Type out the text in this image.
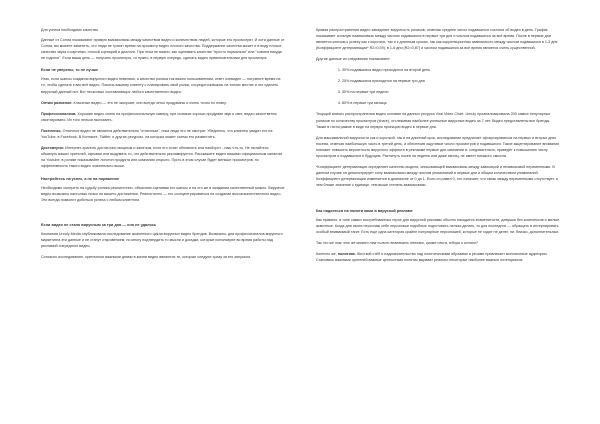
Для успеха необходимо качество

Данные от Comra показывают прямую взаимосвязь между качеством видео и количеством людей, которые его просмотрят. И хоти данные от Comra, вы можете заметить, что люди не тратят время на просмотр видео плохого качества. Поддержание качества может и в виду плохое качество звука и картинки, плохой сценарий и диалоги. При этом не важно, как оценивать качество "просто нормально" или "совсем никуда не годится". Если ваша цель — получить просмотры, то нужно, в первую очередь, сделать видео привлекательным для просмотра.

Если не уверены, то не лучше

Итак, если шансы создания вирусного видео невелики, а качество ролика так важно пользователям, ответ очевиден — потратьте время на то, чтобы сделать к вас всё видео. Помочь вашему клиенту с планировать свой ролик, сосредоточившись на тонких местах и это сделать вирусный данный пот. Вот несколько составляющих любого качественного видео:

Оптим размелие. Классные видео — это не экспромт, они всегда четко продуманы и очень точно по плану.

Профессионализм. Хорошие видео очень на профессиональную камеру, при съемках хорошо продуман звук и свет, видео качественно смонтировано. Их того нельзя экономить.

Поселенко. Отличное видео не является действительно "отличным", пока люди его не смотрят. Убедитесь, что клиенты увидят его на YouTube, в Facebook, В Контакте, Twitter, и других ресурсах, на которых может съемо его разместить.

Достоверно: Интернет-хранить достаточно мощным и занятым, если его хотят обновлять или наоборот - наш что-то. Не пытайтесь обмануть ваших зрителей, скрывая или выдумать то, что действительно рекламируется. Расскажите видео вашими официальным каналом на Youtube, в ролике показывайте логотип продукта или компании открыто. Пусть в этом случае будет меньше просмотров, но эффективность такого видео значительно выше.

Настройтесь на успех, а не на поражение

Необходимо смотреть на судьбу ролика реалистично, объясняю оценивая его шансы и на что же в ожидании качественный можно. Вирусное видео возможно настолько низко на вашего достижения. Реалистично — это сконцентрироваться на создании высококачественного видео. Это всегда позволит добиться успеха с любым клиентом.

Если видео не стало вирусным за три дня — оно не удалось

Компания Unruly Media опубликовала исследование жизненного цикла вирусных видео брендов. Возможно, для профессионалов вирусного маркетинга эти данные и не станут откровением, но многу подтвердить то мысли и догадки, которые испольвуют во время работы над рекламой очередного видео.

Согласно исследованию, критически важными днями в жизни видео являются те, которые следуют сразу за его запуском.

Кривая распространения видео замедляет вирусность роликов, отмечая среднее число подавшихся состьюи об видео в день. График показывает сильную взаимосвязь между числом подавшихся в первые три дня и числом подавшихся за всё время. После в первые дни является ключом к успеху как к коротких, так и к длинным сроках, так как корреляционная зависимость между числом подавшихся в 1-3 дня (Коэффициент детерминации* R2=0,59), в 1-6 дни (R2=0,87) и числом подавшихся за всё время является очень существенной.

Другие данные из следования показывают:

1. 30% подавшихся видео приходится на второй день
2. 25% подавшихся приходится на первые три дня
3. 50% на первые три недели
4. 80% в первые три месяца

Текущий анализ распространения видео основан на данных ресурса Viral Video Chart. Unruly проанализировала 200 самых популярных роликов по количеству просмотров (share), отслеживая наиболее успешные вирусные видео за 7 лет. Видео представлены все бренды. Также в гистограмме в виде на первую проекцию видео в первые дни.

Для максимальной вирусности как и короткой, так и на длинный срок, исследование предлагает сфокусироваться на первых и вторых днях посева, отмечая наибольшую часть в третий день, и обеспечив ощутимое число просмотров и подавшихся. Такое акцентирование внимания поможет повысить вероятность вирусного эффекта в реклааме первые дни кампании и, следовательно, приведёт к повышению числу просмотров и подавшихся в будущем. Растянуть посев на неделю или даже месяц, не имеет никакого смысла.

*Коэффициент детерминации определяет качество модели, описывающей взаимосвязь между зависимой и независимой переменными. В данном случае он демонстрирует силу взаимосвязи между числом упоминаний в первые дни и общим количеством упоминаний. Коэффициент детерминации изменяется в диапазоне от 0 до 1. Если он равен 0, это означает, что связь между переменными отсутствует, а чем ближе значение к единице, тем выше степень взаимосвязи.

Как надеяться на полити ками в вирусной рекламе

Как правило, в топе самых востребованных герое для вирусной рекламы обычно находится знаменитости, девушки без комплексов и милые животные. Когда для своих персонаж себе персонажи подобные подготовить нельзя делать, то для последних — обращать в интернировать особый внимаимый тагит. Есть еще одна категория крайне популярные персонажей, которые не ходят не денег, ни, близко, дополнительных.

Так что же так что же может так сильно вовлекать неловко, кроме секса, юбора и котят?

Конечно же, политика. Жесткий стёб и надсмехательство над политическими образами и речами привлекает миллионные аудитории. Становясь важными зрителей важные ценностями политик вырвавт реально некоторые наиболее важные потенциалов.
